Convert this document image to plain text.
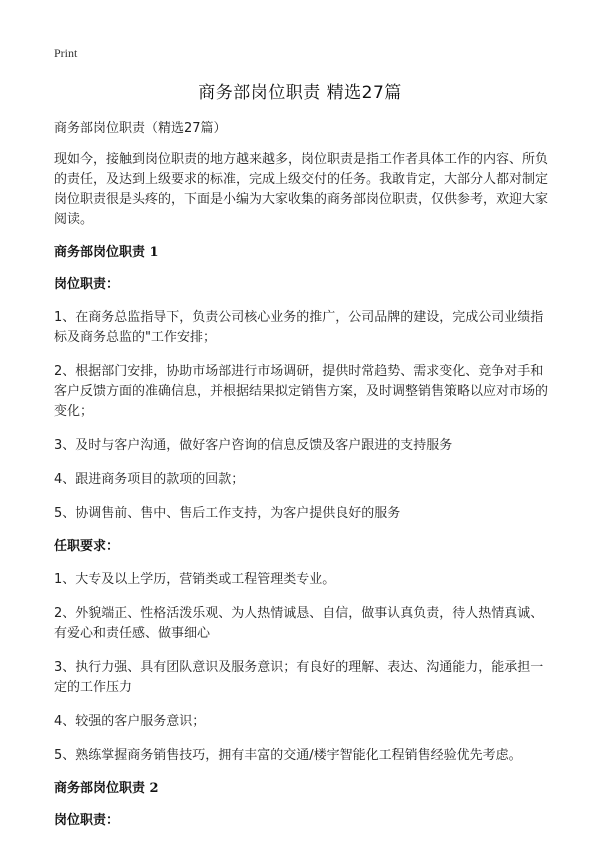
Print
商务部岗位职责 精选27篇
商务部岗位职责（精选27篇）
现如今，接触到岗位职责的地方越来越多，岗位职责是指工作者具体工作的内容、所负的责任，及达到上级要求的标准，完成上级交付的任务。我敢肯定，大部分人都对制定岗位职责很是头疼的，下面是小编为大家收集的商务部岗位职责，仅供参考，欢迎大家阅读。
商务部岗位职责 1
岗位职责：
1、在商务总监指导下，负责公司核心业务的推广，公司品牌的建设，完成公司业绩指标及商务总监的"工作安排；
2、根据部门安排，协助市场部进行市场调研，提供时常趋势、需求变化、竞争对手和客户反馈方面的准确信息，并根据结果拟定销售方案，及时调整销售策略以应对市场的变化；
3、及时与客户沟通，做好客户咨询的信息反馈及客户跟进的支持服务
4、跟进商务项目的款项的回款；
5、协调售前、售中、售后工作支持，为客户提供良好的服务
任职要求：
1、大专及以上学历，营销类或工程管理类专业。
2、外貌端正、性格活泼乐观、为人热情诚恳、自信，做事认真负责，待人热情真诚、有爱心和责任感、做事细心
3、执行力强、具有团队意识及服务意识；有良好的理解、表达、沟通能力，能承担一定的工作压力
4、较强的客户服务意识；
5、熟练掌握商务销售技巧，拥有丰富的交通/楼宇智能化工程销售经验优先考虑。
商务部岗位职责 2
岗位职责：
